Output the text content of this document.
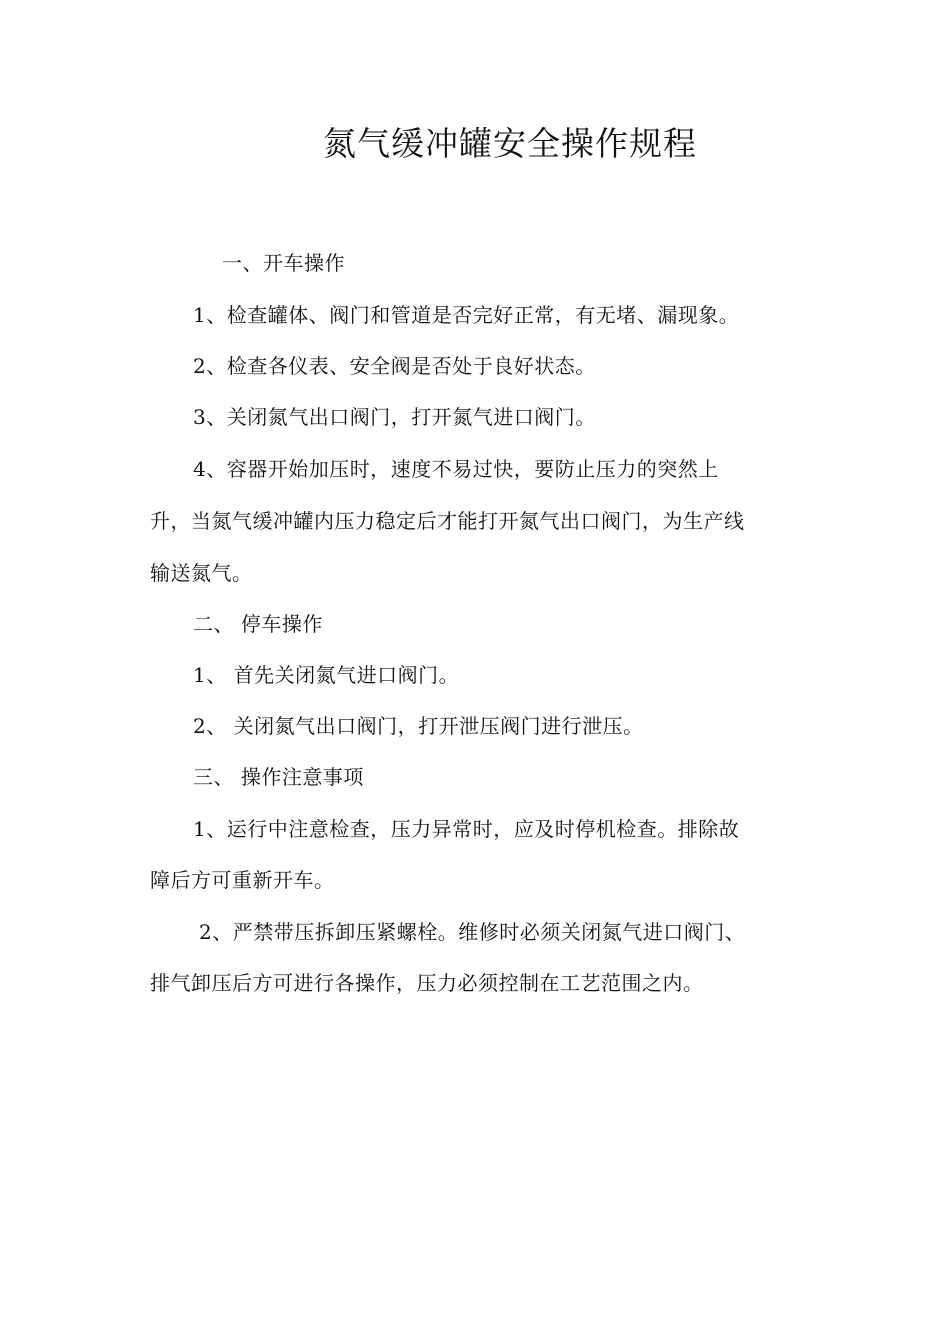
氮气缓冲罐安全操作规程
一、开车操作
1、检查罐体、阀门和管道是否完好正常，有无堵、漏现象。
2、检查各仪表、安全阀是否处于良好状态。
3、关闭氮气出口阀门，打开氮气进口阀门。
4、容器开始加压时，速度不易过快，要防止压力的突然上
升，当氮气缓冲罐内压力稳定后才能打开氮气出口阀门，为生产线
输送氮气。
二、 停车操作
1、 首先关闭氮气进口阀门。
2、 关闭氮气出口阀门，打开泄压阀门进行泄压。
三、 操作注意事项
1、运行中注意检查，压力异常时，应及时停机检查。排除故
障后方可重新开车。
2、严禁带压拆卸压紧螺栓。维修时必须关闭氮气进口阀门、
排气卸压后方可进行各操作，压力必须控制在工艺范围之内。
